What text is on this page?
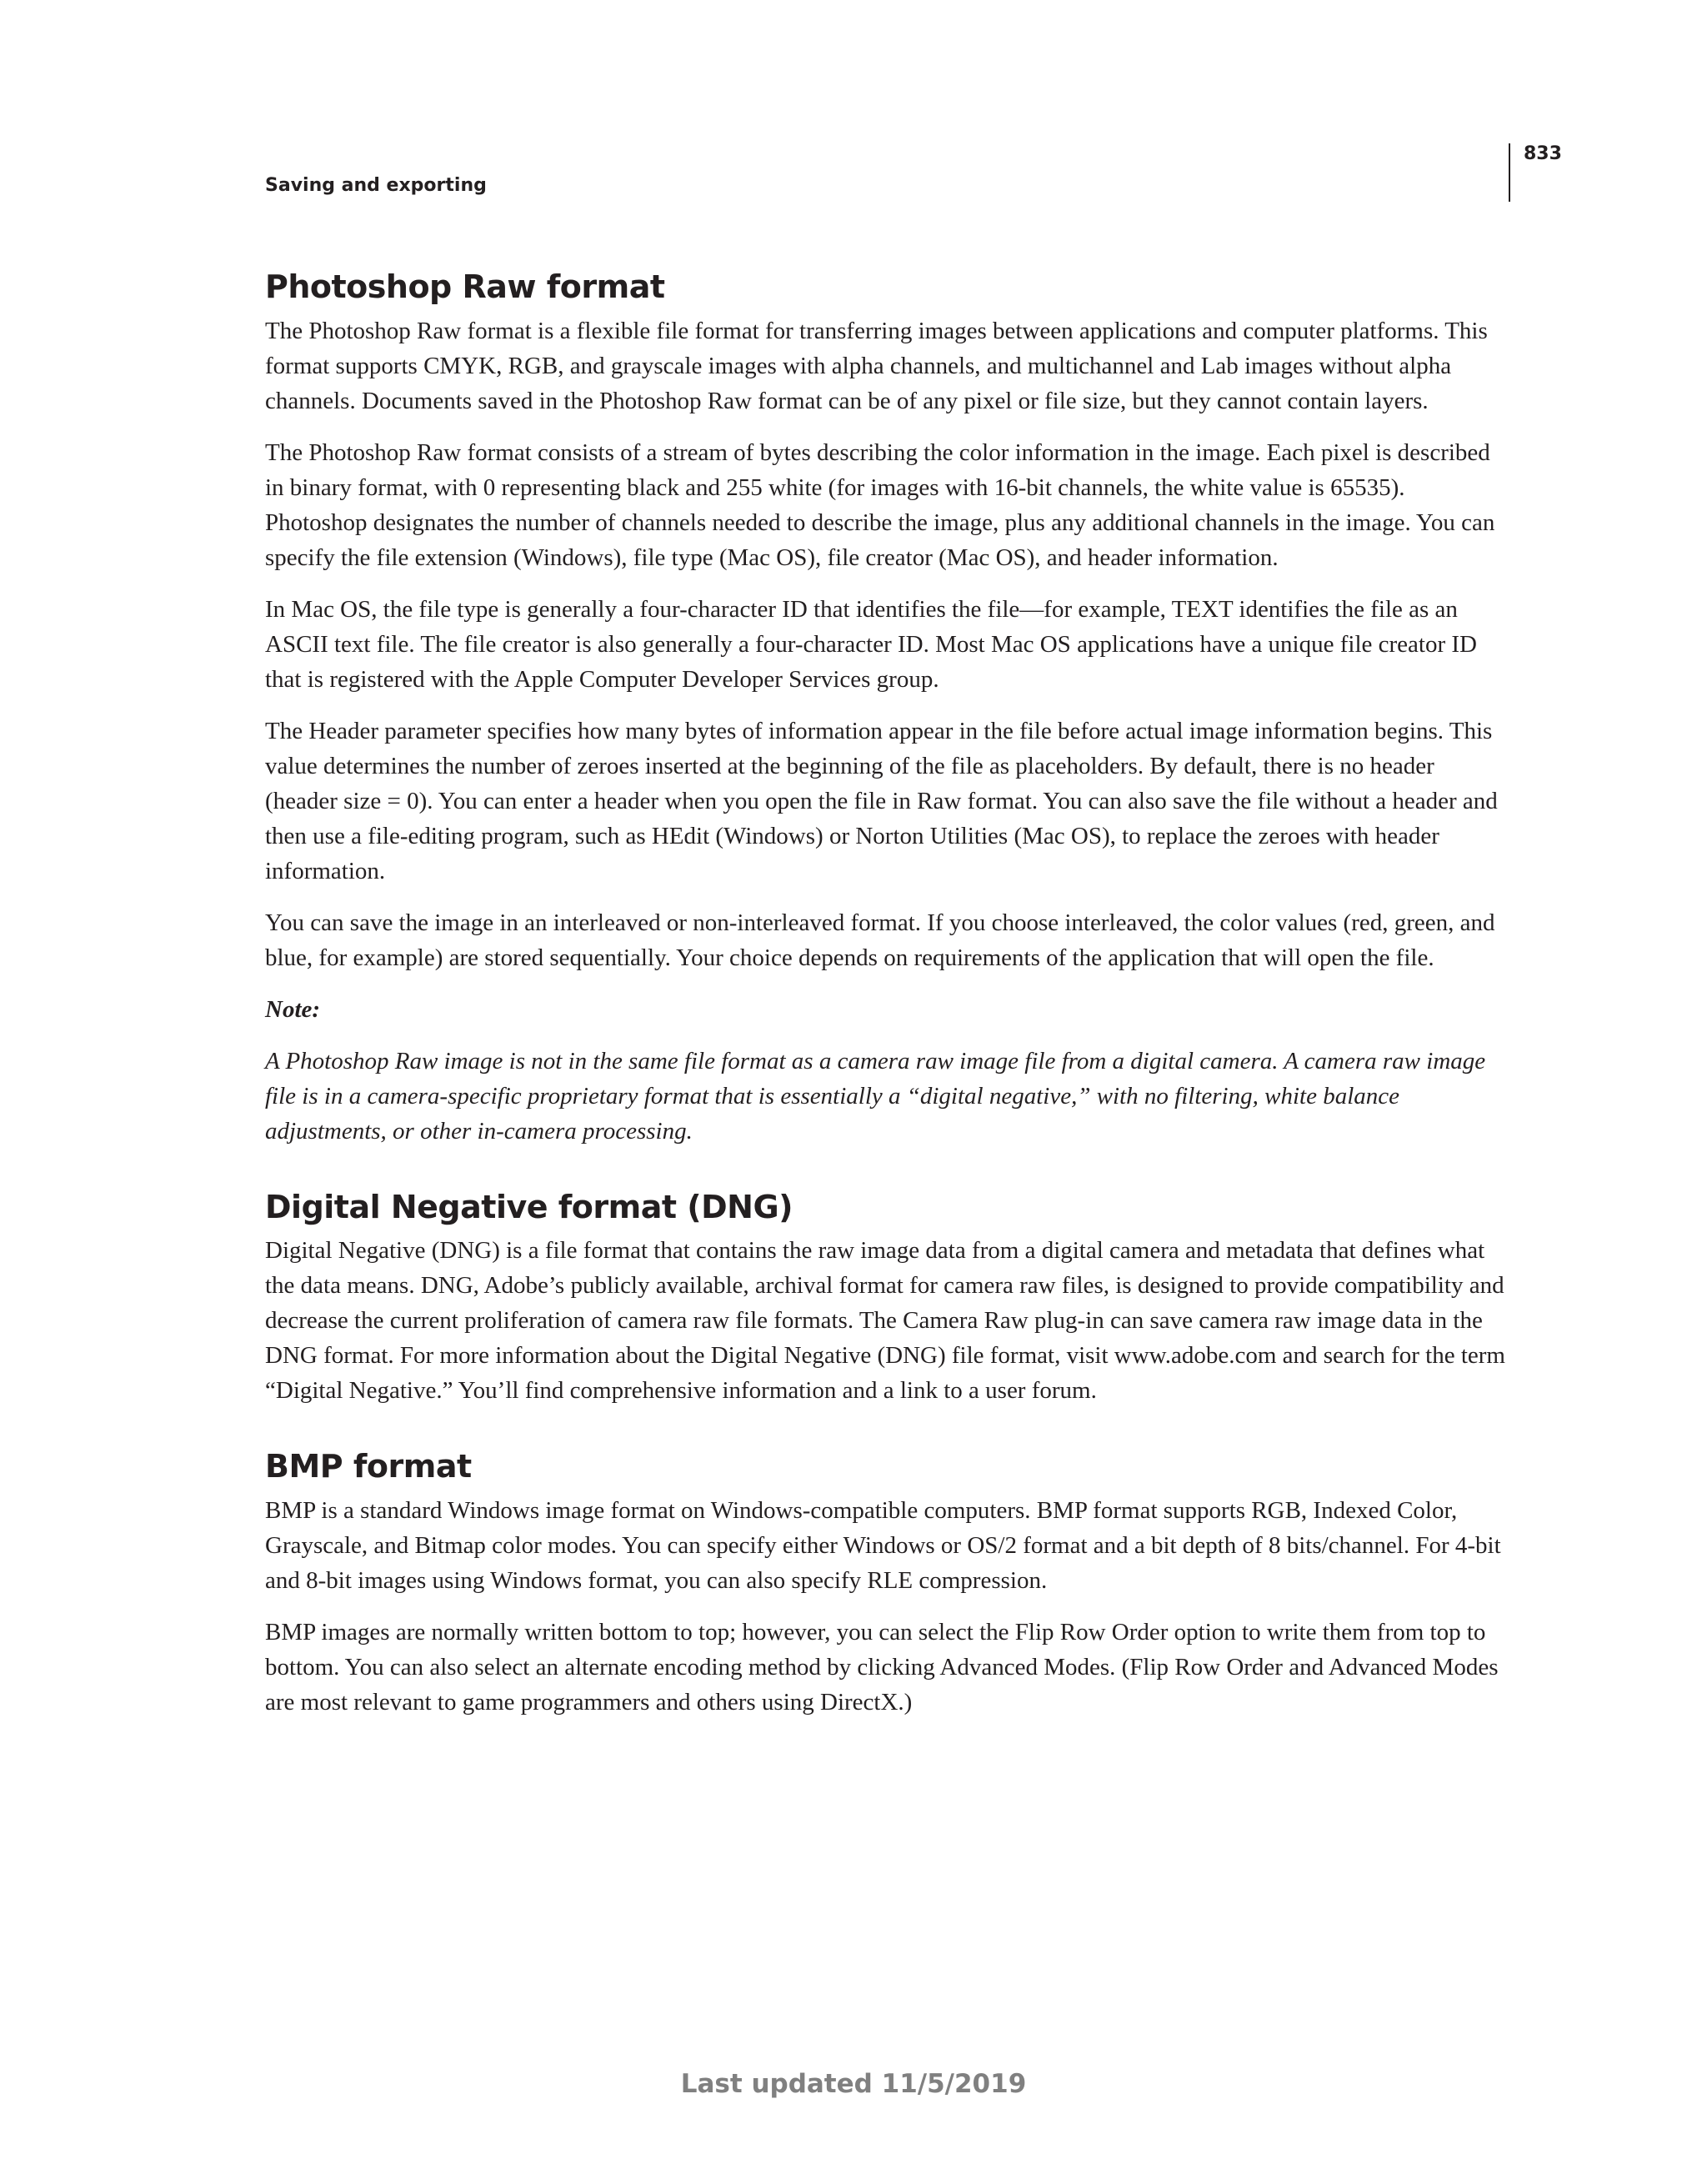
Saving and exporting
833
Photoshop Raw format

The Photoshop Raw format is a flexible file format for transferring images between applications and computer platforms. This format supports CMYK, RGB, and grayscale images with alpha channels, and multichannel and Lab images without alpha channels. Documents saved in the Photoshop Raw format can be of any pixel or file size, but they cannot contain layers.

The Photoshop Raw format consists of a stream of bytes describing the color information in the image. Each pixel is described in binary format, with 0 representing black and 255 white (for images with 16-bit channels, the white value is 65535). Photoshop designates the number of channels needed to describe the image, plus any additional channels in the image. You can specify the file extension (Windows), file type (Mac OS), file creator (Mac OS), and header information.

In Mac OS, the file type is generally a four-character ID that identifies the file—for example, TEXT identifies the file as an ASCII text file. The file creator is also generally a four-character ID. Most Mac OS applications have a unique file creator ID that is registered with the Apple Computer Developer Services group.

The Header parameter specifies how many bytes of information appear in the file before actual image information begins. This value determines the number of zeroes inserted at the beginning of the file as placeholders. By default, there is no header (header size = 0). You can enter a header when you open the file in Raw format. You can also save the file without a header and then use a file-editing program, such as HEdit (Windows) or Norton Utilities (Mac OS), to replace the zeroes with header information.

You can save the image in an interleaved or non-interleaved format. If you choose interleaved, the color values (red, green, and blue, for example) are stored sequentially. Your choice depends on requirements of the application that will open the file.

Note:

A Photoshop Raw image is not in the same file format as a camera raw image file from a digital camera. A camera raw image file is in a camera-specific proprietary format that is essentially a “digital negative,” with no filtering, white balance adjustments, or other in-camera processing.

Digital Negative format (DNG)

Digital Negative (DNG) is a file format that contains the raw image data from a digital camera and metadata that defines what the data means. DNG, Adobe’s publicly available, archival format for camera raw files, is designed to provide compatibility and decrease the current proliferation of camera raw file formats. The Camera Raw plug-in can save camera raw image data in the DNG format. For more information about the Digital Negative (DNG) file format, visit www.adobe.com and search for the term “Digital Negative.” You’ll find comprehensive information and a link to a user forum.

BMP format

BMP is a standard Windows image format on Windows-compatible computers. BMP format supports RGB, Indexed Color, Grayscale, and Bitmap color modes. You can specify either Windows or OS/2 format and a bit depth of 8 bits/channel. For 4-bit and 8-bit images using Windows format, you can also specify RLE compression.

BMP images are normally written bottom to top; however, you can select the Flip Row Order option to write them from top to bottom. You can also select an alternate encoding method by clicking Advanced Modes. (Flip Row Order and Advanced Modes are most relevant to game programmers and others using DirectX.)

Last updated 11/5/2019
